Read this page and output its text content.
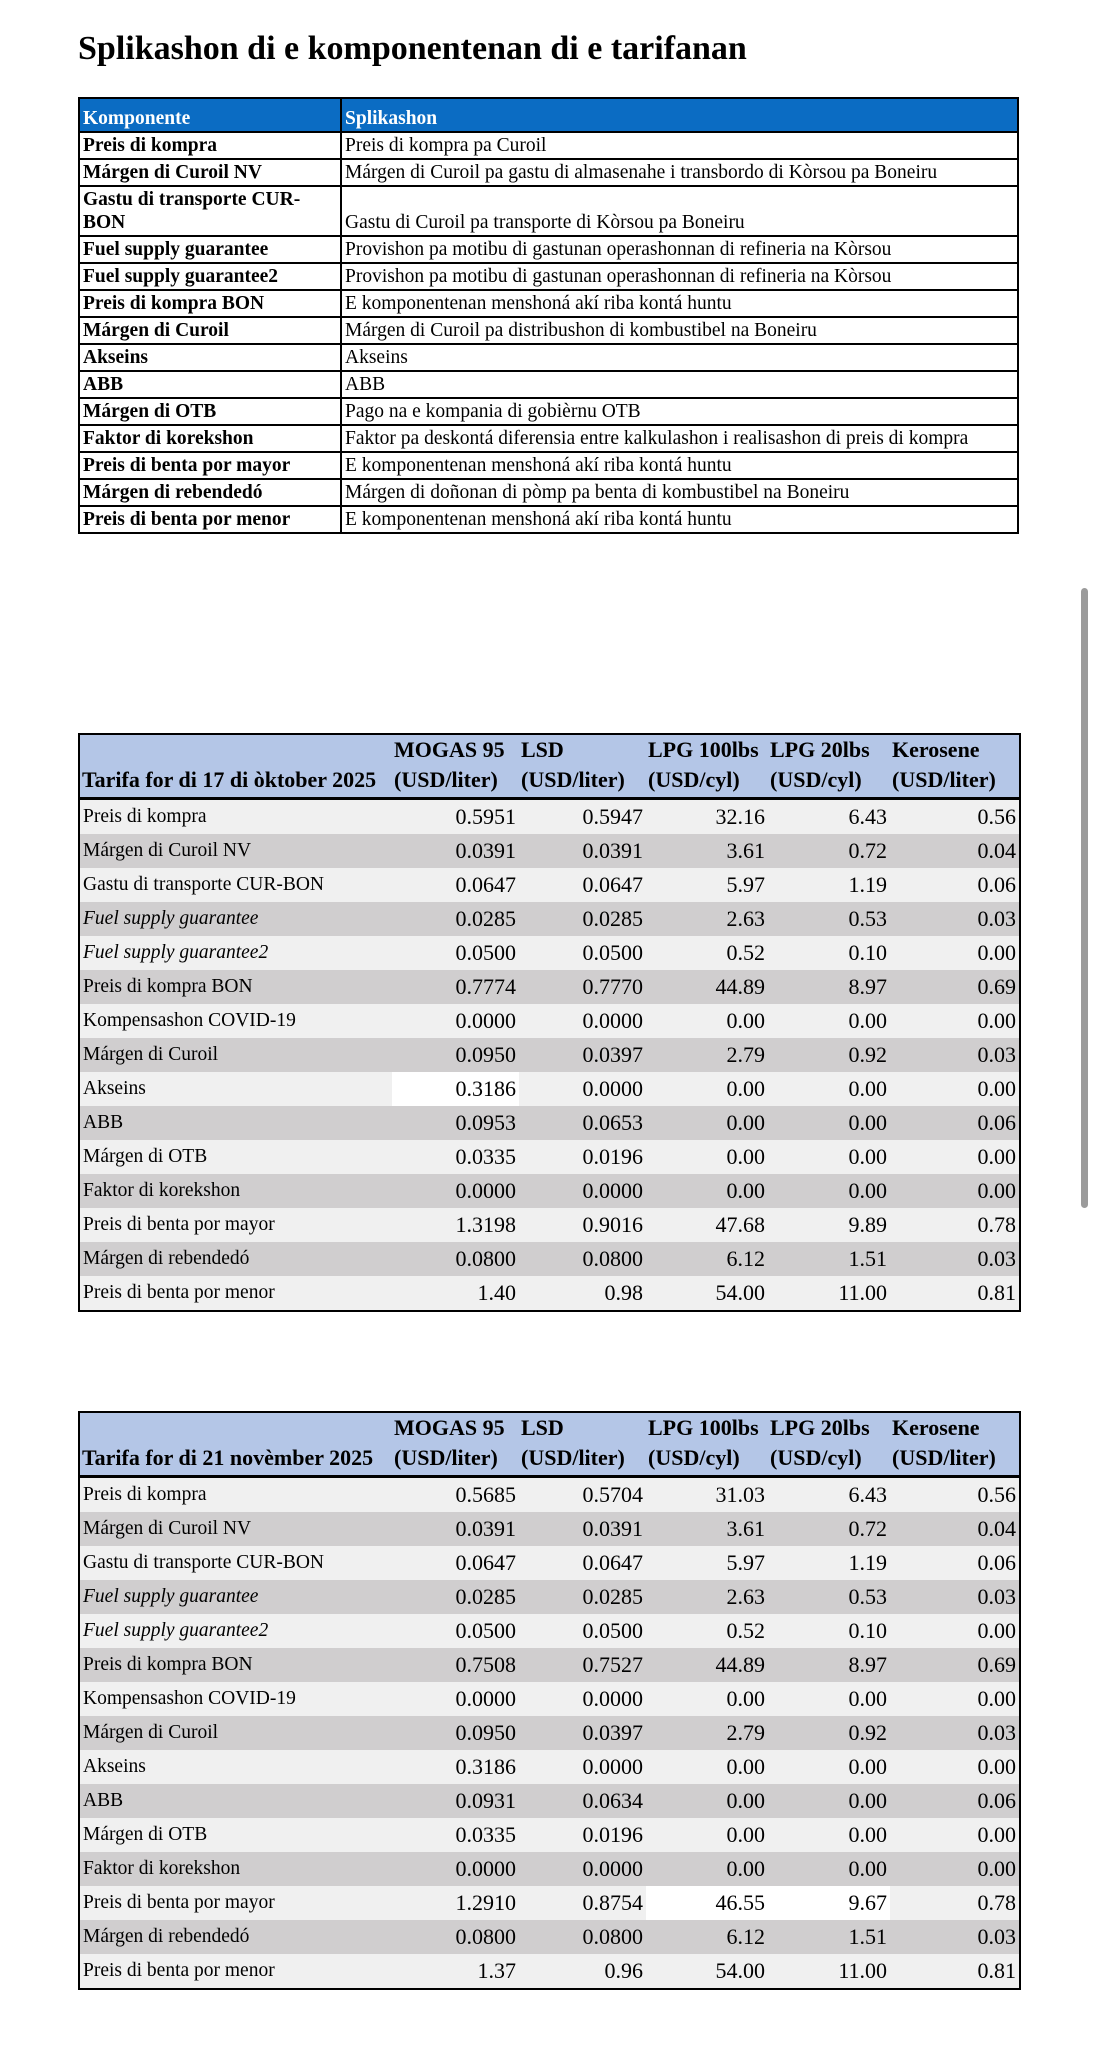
Splikashon di e komponentenan di e tarifanan
Komponente	Splikashon
Preis di kompra	Preis di kompra pa Curoil
Márgen di Curoil NV	Márgen di Curoil pa gastu di almasenahe i transbordo di Kòrsou pa Boneiru
Gastu di transporte CUR-BON	Gastu di Curoil pa transporte di Kòrsou pa Boneiru
Fuel supply guarantee	Provishon pa motibu di gastunan operashonnan di refineria na Kòrsou
Fuel supply guarantee2	Provishon pa motibu di gastunan operashonnan di refineria na Kòrsou
Preis di kompra BON	E komponentenan menshoná akí riba kontá huntu
Márgen di Curoil	Márgen di Curoil pa distribushon di kombustibel na Boneiru
Akseins	Akseins
ABB	ABB
Márgen di OTB	Pago na e kompania di gobièrnu OTB
Faktor di korekshon	Faktor pa deskontá diferensia entre kalkulashon i realisashon di preis di kompra
Preis di benta por mayor	E komponentenan menshoná akí riba kontá huntu
Márgen di rebendedó	Márgen di doñonan di pòmp pa benta di kombustibel na Boneiru
Preis di benta por menor	E komponentenan menshoná akí riba kontá huntu
Tarifa for di 17 di òktober 2025	MOGAS 95 (USD/liter)	LSD (USD/liter)	LPG 100lbs (USD/cyl)	LPG 20lbs (USD/cyl)	Kerosene (USD/liter)
Preis di kompra	0.5951	0.5947	32.16	6.43	0.56
Márgen di Curoil NV	0.0391	0.0391	3.61	0.72	0.04
Gastu di transporte CUR-BON	0.0647	0.0647	5.97	1.19	0.06
Fuel supply guarantee	0.0285	0.0285	2.63	0.53	0.03
Fuel supply guarantee2	0.0500	0.0500	0.52	0.10	0.00
Preis di kompra BON	0.7774	0.7770	44.89	8.97	0.69
Kompensashon COVID-19	0.0000	0.0000	0.00	0.00	0.00
Márgen di Curoil	0.0950	0.0397	2.79	0.92	0.03
Akseins	0.3186	0.0000	0.00	0.00	0.00
ABB	0.0953	0.0653	0.00	0.00	0.06
Márgen di OTB	0.0335	0.0196	0.00	0.00	0.00
Faktor di korekshon	0.0000	0.0000	0.00	0.00	0.00
Preis di benta por mayor	1.3198	0.9016	47.68	9.89	0.78
Márgen di rebendedó	0.0800	0.0800	6.12	1.51	0.03
Preis di benta por menor	1.40	0.98	54.00	11.00	0.81
Tarifa for di 21 novèmber 2025	MOGAS 95 (USD/liter)	LSD (USD/liter)	LPG 100lbs (USD/cyl)	LPG 20lbs (USD/cyl)	Kerosene (USD/liter)
Preis di kompra	0.5685	0.5704	31.03	6.43	0.56
Márgen di Curoil NV	0.0391	0.0391	3.61	0.72	0.04
Gastu di transporte CUR-BON	0.0647	0.0647	5.97	1.19	0.06
Fuel supply guarantee	0.0285	0.0285	2.63	0.53	0.03
Fuel supply guarantee2	0.0500	0.0500	0.52	0.10	0.00
Preis di kompra BON	0.7508	0.7527	44.89	8.97	0.69
Kompensashon COVID-19	0.0000	0.0000	0.00	0.00	0.00
Márgen di Curoil	0.0950	0.0397	2.79	0.92	0.03
Akseins	0.3186	0.0000	0.00	0.00	0.00
ABB	0.0931	0.0634	0.00	0.00	0.06
Márgen di OTB	0.0335	0.0196	0.00	0.00	0.00
Faktor di korekshon	0.0000	0.0000	0.00	0.00	0.00
Preis di benta por mayor	1.2910	0.8754	46.55	9.67	0.78
Márgen di rebendedó	0.0800	0.0800	6.12	1.51	0.03
Preis di benta por menor	1.37	0.96	54.00	11.00	0.81
